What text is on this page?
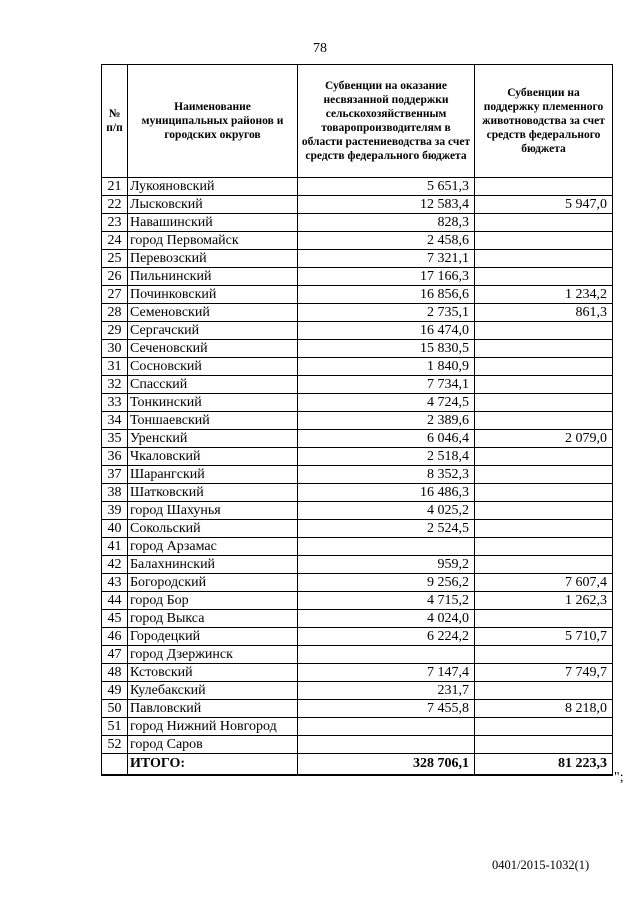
78
№ п/п	Наименование муниципальных районов и городских округов	Субвенции на оказание несвязанной поддержки сельскохозяйственным товаропроизводителям в области растениеводства за счет средств федерального бюджета	Субвенции на поддержку племенного животноводства за счет средств федерального бюджета
21	Лукояновский	5 651,3	
22	Лысковский	12 583,4	5 947,0
23	Навашинский	828,3	
24	город Первомайск	2 458,6	
25	Перевозский	7 321,1	
26	Пильнинский	17 166,3	
27	Починковский	16 856,6	1 234,2
28	Семеновский	2 735,1	861,3
29	Сергачский	16 474,0	
30	Сеченовский	15 830,5	
31	Сосновский	1 840,9	
32	Спасский	7 734,1	
33	Тонкинский	4 724,5	
34	Тоншаевский	2 389,6	
35	Уренский	6 046,4	2 079,0
36	Чкаловский	2 518,4	
37	Шарангский	8 352,3	
38	Шатковский	16 486,3	
39	город Шахунья	4 025,2	
40	Сокольский	2 524,5	
41	город Арзамас		
42	Балахнинский	959,2	
43	Богородский	9 256,2	7 607,4
44	город Бор	4 715,2	1 262,3
45	город Выкса	4 024,0	
46	Городецкий	6 224,2	5 710,7
47	город Дзержинск		
48	Кстовский	7 147,4	7 749,7
49	Кулебакский	231,7	
50	Павловский	7 455,8	8 218,0
51	город Нижний Новгород		
52	город Саров		
	ИТОГО:	328 706,1	81 223,3
";
0401/2015-1032(1)
